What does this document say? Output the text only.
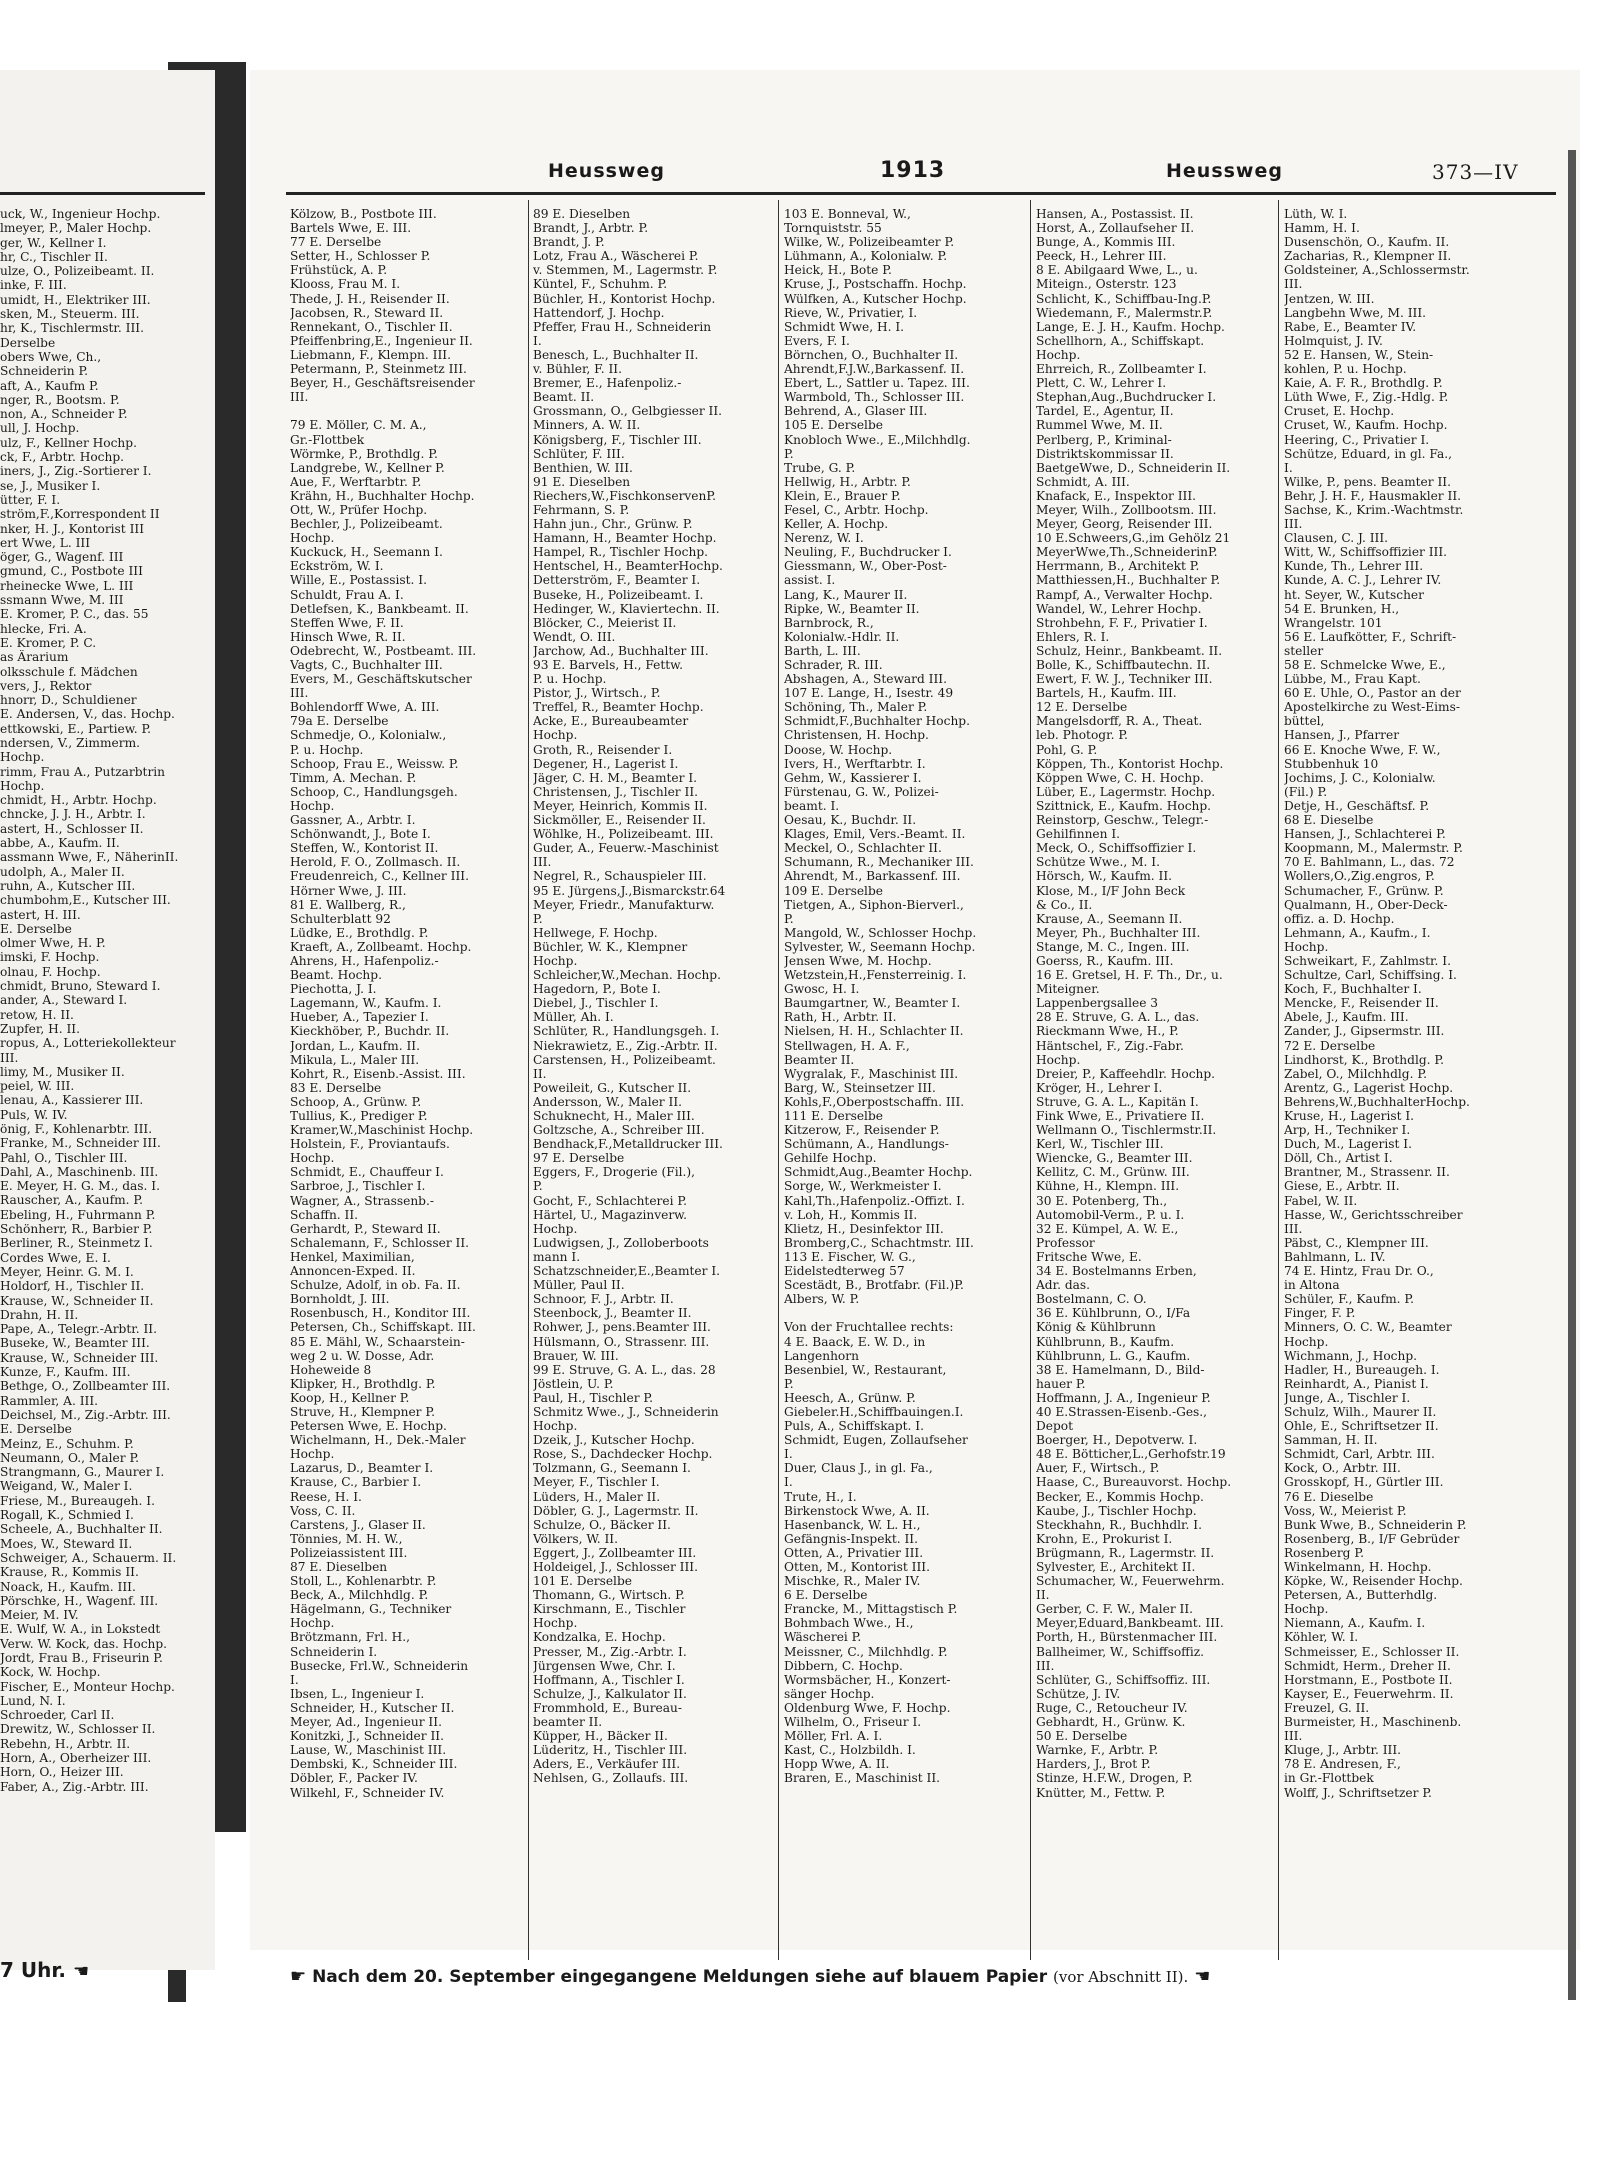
uck, W., Ingenieur Hochp.
lmeyer, P., Maler Hochp.
ger, W., Kellner I.
hr, C., Tischler II.
ulze, O., Polizeibeamt. II.
inke, F. III.
umidt, H., Elektriker III.
sken, M., Steuerm. III.
hr, K., Tischlermstr. III.
Derselbe
obers Wwe, Ch.,
Schneiderin P.
aft, A., Kaufm P.
nger, R., Bootsm. P.
non, A., Schneider P.
ull, J. Hochp.
ulz, F., Kellner Hochp.
ck, F., Arbtr. Hochp.
iners, J., Zig.-Sortierer I.
se, J., Musiker I.
ütter, F. I.
ström,F.,Korrespondent II
nker, H. J., Kontorist III
ert Wwe, L. III
öger, G., Wagenf. III
gmund, C., Postbote III
rheinecke Wwe, L. III
ssmann Wwe, M. III
E. Kromer, P. C., das. 55
hlecke, Fri. A.
E. Kromer, P. C.
as Ärarium
olksschule f. Mädchen
vers, J., Rektor
hnorr, D., Schuldiener
E. Andersen, V., das. Hochp.
ettkowski, E., Partiew. P.
ndersen, V., Zimmerm.
Hochp.
rimm, Frau A., Putzarbtrin
Hochp.
chmidt, H., Arbtr. Hochp.
chncke, J. J. H., Arbtr. I.
astert, H., Schlosser II.
abbe, A., Kaufm. II.
assmann Wwe, F., NäherinII.
udolph, A., Maler II.
ruhn, A., Kutscher III.
chumbohm,E., Kutscher III.
astert, H. III.
E. Derselbe
olmer Wwe, H. P.
imski, F. Hochp.
olnau, F. Hochp.
chmidt, Bruno, Steward I.
ander, A., Steward I.
retow, H. II.
Zupfer, H. II.
ropus, A., Lotteriekollekteur
III.
limy, M., Musiker II.
peiel, W. III.
lenau, A., Kassierer III.
Puls, W. IV.
önig, F., Kohlenarbtr. III.
Franke, M., Schneider III.
Pahl, O., Tischler III.
Dahl, A., Maschinenb. III.
E. Meyer, H. G. M., das. I.
Rauscher, A., Kaufm. P.
Ebeling, H., Fuhrmann P.
Schönherr, R., Barbier P.
Berliner, R., Steinmetz I.
Cordes Wwe, E. I.
Meyer, Heinr. G. M. I.
Holdorf, H., Tischler II.
Krause, W., Schneider II.
Drahn, H. II.
Pape, A., Telegr.-Arbtr. II.
Buseke, W., Beamter III.
Krause, W., Schneider III.
Kunze, F., Kaufm. III.
Bethge, O., Zollbeamter III.
Rammler, A. III.
Deichsel, M., Zig.-Arbtr. III.
E. Derselbe
Meinz, E., Schuhm. P.
Neumann, O., Maler P.
Strangmann, G., Maurer I.
Weigand, W., Maler I.
Friese, M., Bureaugeh. I.
Rogall, K., Schmied I.
Scheele, A., Buchhalter II.
Moes, W., Steward II.
Schweiger, A., Schauerm. II.
Krause, R., Kommis II.
Noack, H., Kaufm. III.
Pörschke, H., Wagenf. III.
Meier, M. IV.
E. Wulf, W. A., in Lokstedt
Verw. W. Kock, das. Hochp.
Jordt, Frau B., Friseurin P.
Kock, W. Hochp.
Fischer, E., Monteur Hochp.
Lund, N. I.
Schroeder, Carl II.
Drewitz, W., Schlosser II.
Rebehn, H., Arbtr. II.
Horn, A., Oberheizer III.
Horn, O., Heizer III.
Faber, A., Zig.-Arbtr. III.
7 Uhr. ☚
Heussweg	1913	Heussweg	373—IV
Kölzow, B., Postbote III.
Bartels Wwe, E. III.
77 E. Derselbe
Setter, H., Schlosser P.
Frühstück, A. P.
Klooss, Frau M. I.
Thede, J. H., Reisender II.
Jacobsen, R., Steward II.
Rennekant, O., Tischler II.
Pfeiffenbring,E., Ingenieur II.
Liebmann, F., Klempn. III.
Petermann, P., Steinmetz III.
Beyer, H., Geschäftsreisender
III.
79 E. Möller, C. M. A.,
Gr.-Flottbek
Wörmke, P., Brothdlg. P.
Landgrebe, W., Kellner P.
Aue, F., Werftarbtr. P.
Krähn, H., Buchhalter Hochp.
Ott, W., Prüfer Hochp.
Bechler, J., Polizeibeamt.
Hochp.
Kuckuck, H., Seemann I.
Eckström, W. I.
Wille, E., Postassist. I.
Schuldt, Frau A. I.
Detlefsen, K., Bankbeamt. II.
Steffen Wwe, F. II.
Hinsch Wwe, R. II.
Odebrecht, W., Postbeamt. III.
Vagts, C., Buchhalter III.
Evers, M., Geschäftskutscher
III.
Bohlendorff Wwe, A. III.
79a E. Derselbe
Schmedje, O., Kolonialw.,
P. u. Hochp.
Schoop, Frau E., Weissw. P.
Timm, A. Mechan. P.
Schoop, C., Handlungsgeh.
Hochp.
Gassner, A., Arbtr. I.
Schönwandt, J., Bote I.
Steffen, W., Kontorist II.
Herold, F. O., Zollmasch. II.
Freudenreich, C., Kellner III.
Hörner Wwe, J. III.
81 E. Wallberg, R.,
Schulterblatt 92
Lüdke, E., Brothdlg. P.
Kraeft, A., Zollbeamt. Hochp.
Ahrens, H., Hafenpoliz.-
Beamt. Hochp.
Piechotta, J. I.
Lagemann, W., Kaufm. I.
Hueber, A., Tapezier I.
Kieckhöber, P., Buchdr. II.
Jordan, L., Kaufm. II.
Mikula, L., Maler III.
Kohrt, R., Eisenb.-Assist. III.
83 E. Derselbe
Schoop, A., Grünw. P.
Tullius, K., Prediger P.
Kramer,W.,Maschinist Hochp.
Holstein, F., Proviantaufs.
Hochp.
Schmidt, E., Chauffeur I.
Sarbroe, J., Tischler I.
Wagner, A., Strassenb.-
Schaffn. II.
Gerhardt, P., Steward II.
Schalemann, F., Schlosser II.
Henkel, Maximilian,
Annoncen-Exped. II.
Schulze, Adolf, in ob. Fa. II.
Bornholdt, J. III.
Rosenbusch, H., Konditor III.
Petersen, Ch., Schiffskapt. III.
85 E. Mähl, W., Schaarstein-
weg 2 u. W. Dosse, Adr.
Hoheweide 8
Klipker, H., Brothdlg. P.
Koop, H., Kellner P.
Struve, H., Klempner P.
Petersen Wwe, E. Hochp.
Wichelmann, H., Dek.-Maler
Hochp.
Lazarus, D., Beamter I.
Krause, C., Barbier I.
Reese, H. I.
Voss, C. II.
Carstens, J., Glaser II.
Tönnies, M. H. W.,
Polizeiassistent III.
87 E. Dieselben
Stoll, L., Kohlenarbtr. P.
Beck, A., Milchhdlg. P.
Hägelmann, G., Techniker
Hochp.
Brötzmann, Frl. H.,
Schneiderin I.
Busecke, Frl.W., Schneiderin
I.
Ibsen, L., Ingenieur I.
Schneider, H., Kutscher II.
Meyer, Ad., Ingenieur II.
Konitzki, J., Schneider II.
Lause, W., Maschinist III.
Dembski, K., Schneider III.
Döbler, F., Packer IV.
Wilkehl, F., Schneider IV.
89 E. Dieselben
Brandt, J., Arbtr. P.
Brandt, J. P.
Lotz, Frau A., Wäscherei P.
v. Stemmen, M., Lagermstr. P.
Küntel, F., Schuhm. P.
Büchler, H., Kontorist Hochp.
Hattendorf, J. Hochp.
Pfeffer, Frau H., Schneiderin
I.
Benesch, L., Buchhalter II.
v. Bühler, F. II.
Bremer, E., Hafenpoliz.-
Beamt. II.
Grossmann, O., Gelbgiesser II.
Minners, A. W. II.
Königsberg, F., Tischler III.
Schlüter, F. III.
Benthien, W. III.
91 E. Dieselben
Riechers,W.,FischkonservenP.
Fehrmann, S. P.
Hahn jun., Chr., Grünw. P.
Hamann, H., Beamter Hochp.
Hampel, R., Tischler Hochp.
Hentschel, H., BeamterHochp.
Detterström, F., Beamter I.
Buseke, H., Polizeibeamt. I.
Hedinger, W., Klaviertechn. II.
Blöcker, C., Meierist II.
Wendt, O. III.
Jarchow, Ad., Buchhalter III.
93 E. Barvels, H., Fettw.
P. u. Hochp.
Pistor, J., Wirtsch., P.
Treffel, R., Beamter Hochp.
Acke, E., Bureaubeamter
Hochp.
Groth, R., Reisender I.
Degener, H., Lagerist I.
Jäger, C. H. M., Beamter I.
Christensen, J., Tischler II.
Meyer, Heinrich, Kommis II.
Sickmöller, E., Reisender II.
Wöhlke, H., Polizeibeamt. III.
Guder, A., Feuerw.-Maschinist
III.
Negrel, R., Schauspieler III.
95 E. Jürgens,J.,Bismarckstr.64
Meyer, Friedr., Manufakturw.
P.
Hellwege, F. Hochp.
Büchler, W. K., Klempner
Hochp.
Schleicher,W.,Mechan. Hochp.
Hagedorn, P., Bote I.
Diebel, J., Tischler I.
Müller, Ah. I.
Schlüter, R., Handlungsgeh. I.
Niekrawietz, E., Zig.-Arbtr. II.
Carstensen, H., Polizeibeamt.
II.
Poweileit, G., Kutscher II.
Andersson, W., Maler II.
Schuknecht, H., Maler III.
Goltzsche, A., Schreiber III.
Bendhack,F.,Metalldrucker III.
97 E. Derselbe
Eggers, F., Drogerie (Fil.),
P.
Gocht, F., Schlachterei P.
Härtel, U., Magazinverw.
Hochp.
Ludwigsen, J., Zolloberboots
mann I.
Schatzschneider,E.,Beamter I.
Müller, Paul II.
Schnoor, F. J., Arbtr. II.
Steenbock, J., Beamter II.
Rohwer, J., pens.Beamter III.
Hülsmann, O., Strassenr. III.
Brauer, W. III.
99 E. Struve, G. A. L., das. 28
Jöstlein, U. P.
Paul, H., Tischler P.
Schmitz Wwe., J., Schneiderin
Hochp.
Dzeik, J., Kutscher Hochp.
Rose, S., Dachdecker Hochp.
Tolzmann, G., Seemann I.
Meyer, F., Tischler I.
Lüders, H., Maler II.
Döbler, G. J., Lagermstr. II.
Schulze, O., Bäcker II.
Völkers, W. II.
Eggert, J., Zollbeamter III.
Holdeigel, J., Schlosser III.
101 E. Derselbe
Thomann, G., Wirtsch. P.
Kirschmann, E., Tischler
Hochp.
Kondzalka, E. Hochp.
Presser, M., Zig.-Arbtr. I.
Jürgensen Wwe, Chr. I.
Hoffmann, A., Tischler I.
Schulze, J., Kalkulator II.
Frommhold, E., Bureau-
beamter II.
Küpper, H., Bäcker II.
Lüderitz, H., Tischler III.
Aders, E., Verkäufer III.
Nehlsen, G., Zollaufs. III.
103 E. Bonneval, W.,
Tornquiststr. 55
Wilke, W., Polizeibeamter P.
Lühmann, A., Kolonialw. P.
Heick, H., Bote P.
Kruse, J., Postschaffn. Hochp.
Wülfken, A., Kutscher Hochp.
Rieve, W., Privatier, I.
Schmidt Wwe, H. I.
Evers, F. I.
Börnchen, O., Buchhalter II.
Ahrendt,F.J.W.,Barkassenf. II.
Ebert, L., Sattler u. Tapez. III.
Warmbold, Th., Schlosser III.
Behrend, A., Glaser III.
105 E. Derselbe
Knobloch Wwe., E.,Milchhdlg.
P.
Trube, G. P.
Hellwig, H., Arbtr. P.
Klein, E., Brauer P.
Fesel, C., Arbtr. Hochp.
Keller, A. Hochp.
Nerenz, W. I.
Neuling, F., Buchdrucker I.
Giessmann, W., Ober-Post-
assist. I.
Lang, K., Maurer II.
Ripke, W., Beamter II.
Barnbrock, R.,
Kolonialw.-Hdlr. II.
Barth, L. III.
Schrader, R. III.
Abshagen, A., Steward III.
107 E. Lange, H., Isestr. 49
Schöning, Th., Maler P.
Schmidt,F.,Buchhalter Hochp.
Christensen, H. Hochp.
Doose, W. Hochp.
Ivers, H., Werftarbtr. I.
Gehm, W., Kassierer I.
Fürstenau, G. W., Polizei-
beamt. I.
Oesau, K., Buchdr. II.
Klages, Emil, Vers.-Beamt. II.
Meckel, O., Schlachter II.
Schumann, R., Mechaniker III.
Ahrendt, M., Barkassenf. III.
109 E. Derselbe
Tietgen, A., Siphon-Bierverl.,
P.
Mangold, W., Schlosser Hochp.
Sylvester, W., Seemann Hochp.
Jensen Wwe, M. Hochp.
Wetzstein,H.,Fensterreinig. I.
Gwosc, H. I.
Baumgartner, W., Beamter I.
Rath, H., Arbtr. II.
Nielsen, H. H., Schlachter II.
Stellwagen, H. A. F.,
Beamter II.
Wygralak, F., Maschinist III.
Barg, W., Steinsetzer III.
Kohls,F.,Oberpostschaffn. III.
111 E. Derselbe
Kitzerow, F., Reisender P.
Schümann, A., Handlungs-
Gehilfe Hochp.
Schmidt,Aug.,Beamter Hochp.
Sorge, W., Werkmeister I.
Kahl,Th.,Hafenpoliz.-Offizt. I.
v. Loh, H., Kommis II.
Klietz, H., Desinfektor III.
Bromberg,C., Schachtmstr. III.
113 E. Fischer, W. G.,
Eidelstedterweg 57
Scestädt, B., Brotfabr. (Fil.)P.
Albers, W. P.
Von der Fruchtallee rechts:
4 E. Baack, E. W. D., in
Langenhorn
Besenbiel, W., Restaurant,
P.
Heesch, A., Grünw. P.
Giebeler.H.,Schiffbauingen.I.
Puls, A., Schiffskapt. I.
Schmidt, Eugen, Zollaufseher
I.
Duer, Claus J., in gl. Fa.,
I.
Trute, H., I.
Birkenstock Wwe, A. II.
Hasenbanck, W. L. H.,
Gefängnis-Inspekt. II.
Otten, A., Privatier III.
Otten, M., Kontorist III.
Mischke, R., Maler IV.
6 E. Derselbe
Francke, M., Mittagstisch P.
Bohmbach Wwe., H.,
Wäscherei P.
Meissner, C., Milchhdlg. P.
Dibbern, C. Hochp.
Wormsbächer, H., Konzert-
sänger Hochp.
Oldenburg Wwe, F. Hochp.
Wilhelm, O., Friseur I.
Möller, Frl. A. I.
Kast, C., Holzbildh. I.
Hopp Wwe, A. II.
Braren, E., Maschinist II.
Hansen, A., Postassist. II.
Horst, A., Zollaufseher II.
Bunge, A., Kommis III.
Peeck, H., Lehrer III.
8 E. Abilgaard Wwe, L., u.
Miteign., Osterstr. 123
Schlicht, K., Schiffbau-Ing.P.
Wiedemann, F., Malermstr.P.
Lange, E. J. H., Kaufm. Hochp.
Schellhorn, A., Schiffskapt.
Hochp.
Ehrreich, R., Zollbeamter I.
Plett, C. W., Lehrer I.
Stephan,Aug.,Buchdrucker I.
Tardel, E., Agentur, II.
Rummel Wwe, M. II.
Perlberg, P., Kriminal-
Distriktskommissar II.
BaetgeWwe, D., Schneiderin II.
Schmidt, A. III.
Knafack, E., Inspektor III.
Meyer, Wilh., Zollbootsm. III.
Meyer, Georg, Reisender III.
10 E.Schweers,G.,im Gehölz 21
MeyerWwe,Th.,SchneiderinP.
Herrmann, B., Architekt P.
Matthiessen,H., Buchhalter P.
Rampf, A., Verwalter Hochp.
Wandel, W., Lehrer Hochp.
Strohbehn, F. F., Privatier I.
Ehlers, R. I.
Schulz, Heinr., Bankbeamt. II.
Bolle, K., Schiffbautechn. II.
Ewert, F. W. J., Techniker III.
Bartels, H., Kaufm. III.
12 E. Derselbe
Mangelsdorff, R. A., Theat.
leb. Photogr. P.
Pohl, G. P.
Köppen, Th., Kontorist Hochp.
Köppen Wwe, C. H. Hochp.
Lüber, E., Lagermstr. Hochp.
Szittnick, E., Kaufm. Hochp.
Reinstorp, Geschw., Telegr.-
Gehilfinnen I.
Meck, O., Schiffsoffizier I.
Schütze Wwe., M. I.
Hörsch, W., Kaufm. II.
Klose, M., I/F John Beck
& Co., II.
Krause, A., Seemann II.
Meyer, Ph., Buchhalter III.
Stange, M. C., Ingen. III.
Goerss, R., Kaufm. III.
16 E. Gretsel, H. F. Th., Dr., u.
Miteigner.
Lappenbergsallee 3
28 E. Struve, G. A. L., das.
Rieckmann Wwe, H., P.
Häntschel, F., Zig.-Fabr.
Hochp.
Dreier, P., Kaffeehdlr. Hochp.
Kröger, H., Lehrer I.
Struve, G. A. L., Kapitän I.
Fink Wwe, E., Privatiere II.
Wellmann O., Tischlermstr.II.
Kerl, W., Tischler III.
Wiencke, G., Beamter III.
Kellitz, C. M., Grünw. III.
Kühne, H., Klempn. III.
30 E. Potenberg, Th.,
Automobil-Verm., P. u. I.
32 E. Kümpel, A. W. E.,
Professor
Fritsche Wwe, E.
34 E. Bostelmanns Erben,
Adr. das.
Bostelmann, C. O.
36 E. Kühlbrunn, O., I/Fa
König & Kühlbrunn
Kühlbrunn, B., Kaufm.
Kühlbrunn, L. G., Kaufm.
38 E. Hamelmann, D., Bild-
hauer P.
Hoffmann, J. A., Ingenieur P.
40 E.Strassen-Eisenb.-Ges.,
Depot
Boerger, H., Depotverw. I.
48 E. Bötticher,L.,Gerhofstr.19
Auer, F., Wirtsch., P.
Haase, C., Bureauvorst. Hochp.
Becker, E., Kommis Hochp.
Kaube, J., Tischler Hochp.
Steckhahn, R., Buchhdlr. I.
Krohn, E., Prokurist I.
Brügmann, R., Lagermstr. II.
Sylvester, E., Architekt II.
Schumacher, W., Feuerwehrm.
II.
Gerber, C. F. W., Maler II.
Meyer,Eduard,Bankbeamt. III.
Porth, H., Bürstenmacher III.
Ballheimer, W., Schiffsoffiz.
III.
Schlüter, G., Schiffsoffiz. III.
Schütze, J. IV.
Ruge, C., Retoucheur IV.
Gebhardt, H., Grünw. K.
50 E. Derselbe
Warnke, F., Arbtr. P.
Harders, J., Brot P.
Stinze, H.F.W., Drogen, P.
Knütter, M., Fettw. P.
Lüth, W. I.
Hamm, H. I.
Dusenschön, O., Kaufm. II.
Zacharias, R., Klempner II.
Goldsteiner, A.,Schlossermstr.
III.
Jentzen, W. III.
Langbehn Wwe, M. III.
Rabe, E., Beamter IV.
Holmquist, J. IV.
52 E. Hansen, W., Stein-
kohlen, P. u. Hochp.
Kaie, A. F. R., Brothdlg. P.
Lüth Wwe, F., Zig.-Hdlg. P.
Cruset, E. Hochp.
Cruset, W., Kaufm. Hochp.
Heering, C., Privatier I.
Schütze, Eduard, in gl. Fa.,
I.
Wilke, P., pens. Beamter II.
Behr, J. H. F., Hausmakler II.
Sachse, K., Krim.-Wachtmstr.
III.
Clausen, C. J. III.
Witt, W., Schiffsoffizier III.
Kunde, Th., Lehrer III.
Kunde, A. C. J., Lehrer IV.
ht. Seyer, W., Kutscher
54 E. Brunken, H.,
Wrangelstr. 101
56 E. Laufkötter, F., Schrift-
steller
58 E. Schmelcke Wwe, E.,
Lübbe, M., Frau Kapt.
60 E. Uhle, O., Pastor an der
Apostelkirche zu West-Eims-
büttel,
Hansen, J., Pfarrer
66 E. Knoche Wwe, F. W.,
Stubbenhuk 10
Jochims, J. C., Kolonialw.
(Fil.) P.
Detje, H., Geschäftsf. P.
68 E. Dieselbe
Hansen, J., Schlachterei P.
Koopmann, M., Malermstr. P.
70 E. Bahlmann, L., das. 72
Wollers,O.,Zig.engros, P.
Schumacher, F., Grünw. P.
Qualmann, H., Ober-Deck-
offiz. a. D. Hochp.
Lehmann, A., Kaufm., I.
Hochp.
Schweikart, F., Zahlmstr. I.
Schultze, Carl, Schiffsing. I.
Koch, F., Buchhalter I.
Mencke, F., Reisender II.
Abele, J., Kaufm. III.
Zander, J., Gipsermstr. III.
72 E. Derselbe
Lindhorst, K., Brothdlg. P.
Zabel, O., Milchhdlg. P.
Arentz, G., Lagerist Hochp.
Behrens,W.,BuchhalterHochp.
Kruse, H., Lagerist I.
Arp, H., Techniker I.
Duch, M., Lagerist I.
Döll, Ch., Artist I.
Brantner, M., Strassenr. II.
Giese, E., Arbtr. II.
Fabel, W. II.
Hasse, W., Gerichtsschreiber
III.
Päbst, C., Klempner III.
Bahlmann, L. IV.
74 E. Hintz, Frau Dr. O.,
in Altona
Schüler, F., Kaufm. P.
Finger, F. P.
Minners, O. C. W., Beamter
Hochp.
Wichmann, J., Hochp.
Hadler, H., Bureaugeh. I.
Reinhardt, A., Pianist I.
Junge, A., Tischler I.
Schulz, Wilh., Maurer II.
Ohle, E., Schriftsetzer II.
Samman, H. II.
Schmidt, Carl, Arbtr. III.
Kock, O., Arbtr. III.
Grosskopf, H., Gürtler III.
76 E. Dieselbe
Voss, W., Meierist P.
Bunk Wwe, B., Schneiderin P.
Rosenberg, B., I/F Gebrüder
Rosenberg P.
Winkelmann, H. Hochp.
Köpke, W., Reisender Hochp.
Petersen, A., Butterhdlg.
Hochp.
Niemann, A., Kaufm. I.
Köhler, W. I.
Schmeisser, E., Schlosser II.
Schmidt, Herm., Dreher II.
Horstmann, E., Postbote II.
Kayser, E., Feuerwehrm. II.
Freuzel, G. II.
Burmeister, H., Maschinenb.
III.
Kluge, J., Arbtr. III.
78 E. Andresen, F.,
in Gr.-Flottbek
Wolff, J., Schriftsetzer P.
☛ Nach dem 20. September eingegangene Meldungen siehe auf blauem Papier (vor Abschnitt II). ☚
